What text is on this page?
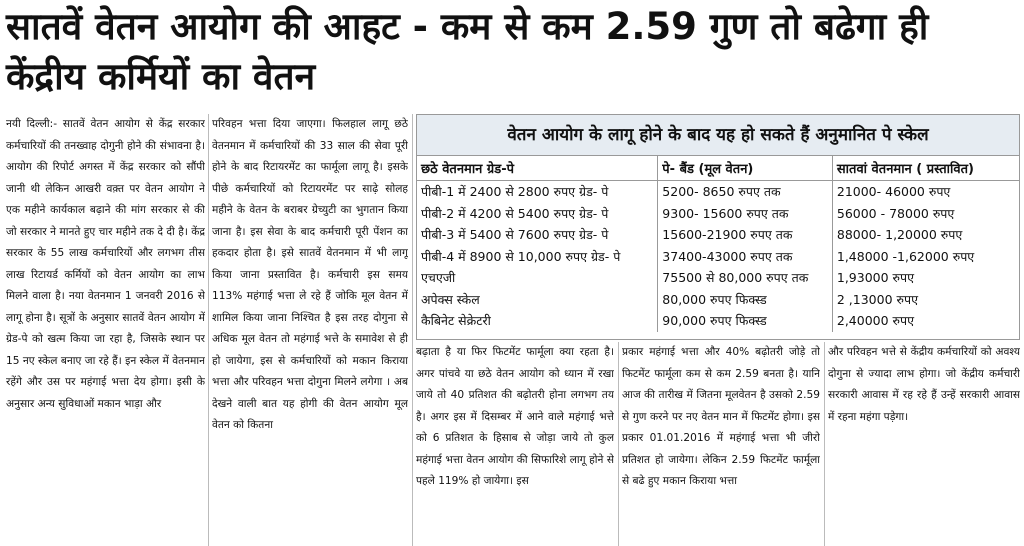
सातवें वेतन आयोग की आहट - कम से कम 2.59 गुण तो बढेगा ही केंद्रीय कर्मियों का वेतन
नयी दिल्ली:- सातवें वेतन आयोग से केंद्र सरकार कर्मचारियों की तनख्वाह दोगुनी होने की संभावना है। आयोग की रिपोर्ट अगस्त में केंद्र सरकार को सौंपी जानी थी लेकिन आखरी वक़्त पर वेतन आयोग ने एक महीने कार्यकाल बढ़ाने की मांग सरकार से की जो सरकार ने मानते हुए चार महीने तक दे दी है। केंद्र सरकार के 55 लाख कर्मचारियों और लगभग तीस लाख रिटायर्ड कर्मियों को वेतन आयोग का लाभ मिलने वाला है। नया वेतनमान 1 जनवरी 2016 से लागू होना है। सूत्रों के अनुसार सातवें वेतन आयोग में ग्रेड-पे को खत्म किया जा रहा है, जिसके स्थान पर 15 नए स्केल बनाए जा रहे हैं। इन स्केल में वेतनमान रहेंगे और उस पर महंगाई भत्ता देय होगा। इसी के अनुसार अन्य सुविधाओं मकान भाड़ा और
परिवहन भत्ता दिया जाएगा। फिलहाल लागू छठे वेतनमान में कर्मचारियों की 33 साल की सेवा पूरी होने के बाद रिटायरमेंट का फार्मूला लागू है। इसके पीछे कर्मचारियों को रिटायरमेंट पर साढ़े सोलह महीने के वेतन के बराबर ग्रेच्युटी का भुगतान किया जाना है। इस सेवा के बाद कर्मचारी पूरी पेंशन का हकदार होता है। इसे सातवें वेतनमान में भी लागू किया जाना प्रस्तावित है। कर्मचारी इस समय 113% महंगाई भत्ता ले रहे हैं जोकि मूल वेतन में शामिल किया जाना निश्चित है इस तरह दोगुना से अधिक मूल वेतन तो महंगाई भत्ते के समावेश से ही हो जायेगा, इस से कर्मचारियों को मकान किराया भत्ता और परिवहन भत्ता दोगुना मिलने लगेगा । अब देखने वाली बात यह होगी की वेतन आयोग मूल वेतन को कितना
वेतन आयोग के लागू होने के बाद यह हो सकते हैं अनुमानित पे स्केल
छठे वेतनमान ग्रेड-पे	पे- बैंड (मूल वेतन)	सातवां वेतनमान ( प्रस्तावित)
पीबी-1 में 2400 से 2800 रुपए ग्रेड- पे	5200- 8650 रुपए तक	21000- 46000 रुपए
पीबी-2 में 4200 से 5400 रुपए ग्रेड- पे	9300- 15600 रुपए तक	56000 - 78000 रुपए
पीबी-3 में 5400 से 7600 रुपए ग्रेड- पे	15600-21900 रुपए तक	88000- 1,20000 रुपए
पीबी-4 में 8900 से 10,000 रुपए ग्रेड- पे	37400-43000 रुपए तक	1,48000 -1,62000 रुपए
एचएजी	75500 से 80,000 रुपए तक	1,93000 रुपए
अपेक्स स्केल	80,000 रुपए फिक्स्ड	2 ,13000 रुपए
कैबिनेट सेक्रेटरी	90,000 रुपए फिक्स्ड	2,40000 रुपए
बढ़ाता है या फिर फिटमेंट फार्मूला क्या रहता है। अगर पांचवे या छठे वेतन आयोग को ध्यान में रखा जाये तो 40 प्रतिशत की बढ़ोतरी होना लगभग तय है। अगर इस में दिसम्बर में आने वाले महंगाई भत्ते को 6 प्रतिशत के हिसाब से जोड़ा जाये तो कुल महंगाई भत्ता वेतन आयोग की सिफारिशे लागू होने से पहले 119% हो जायेगा। इस
प्रकार महंगाई भत्ता और 40% बढ़ोतरी जोड़े तो फिटमेंट फार्मूला कम से कम 2.59 बनता है। यानि आज की तारीख में जितना मूलवेतन है उसको 2.59 से गुण करने पर नए वेतन मान में फिटमेंट होगा। इस प्रकार 01.01.2016 में महंगाई भत्ता भी जीरो प्रतिशत हो जायेगा। लेकिन 2.59 फिटमेंट फार्मूला से बढे हुए मकान किराया भत्ता
और परिवहन भत्ते से केंद्रीय कर्मचारियों को अवश्य दोगुना से ज्यादा लाभ होगा। जो केंद्रीय कर्मचारी सरकारी आवास में रह रहे हैं उन्हें सरकारी आवास में रहना महंगा पड़ेगा।
